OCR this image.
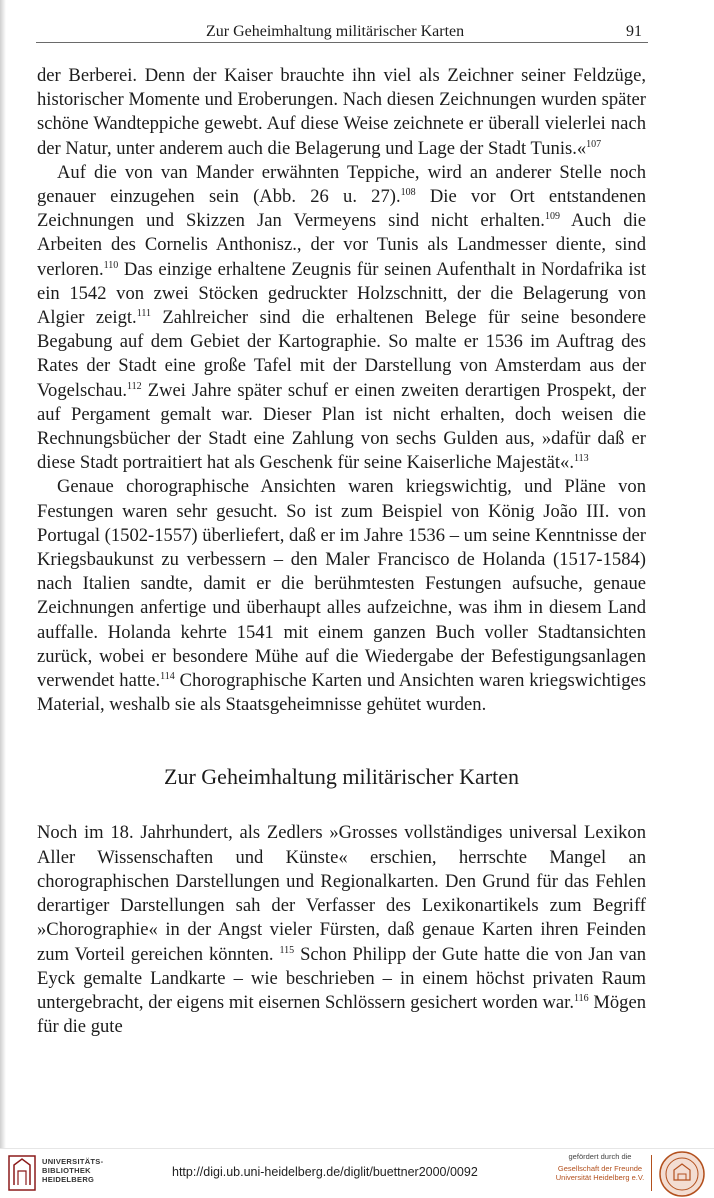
Zur Geheimhaltung militärischer Karten	91

der Berberei. Denn der Kaiser brauchte ihn viel als Zeichner seiner Feldzüge, historischer Momente und Eroberungen. Nach diesen Zeichnungen wurden später schöne Wandteppiche gewebt. Auf diese Weise zeichnete er überall vielerlei nach der Natur, unter anderem auch die Belagerung und Lage der Stadt Tunis.«$^{107}$

Auf die von van Mander erwähnten Teppiche, wird an anderer Stelle noch genauer einzugehen sein (Abb. 26 u. 27).$^{108}$ Die vor Ort entstandenen Zeichnungen und Skizzen Jan Vermeyens sind nicht erhalten.$^{109}$ Auch die Arbeiten des Cornelis Anthonisz., der vor Tunis als Landmesser diente, sind verloren.$^{110}$ Das einzige erhaltene Zeugnis für seinen Aufenthalt in Nordafrika ist ein 1542 von zwei Stöcken gedruckter Holzschnitt, der die Belagerung von Algier zeigt.$^{111}$ Zahlreicher sind die erhaltenen Belege für seine besondere Begabung auf dem Gebiet der Kartographie. So malte er 1536 im Auftrag des Rates der Stadt eine große Tafel mit der Darstellung von Amsterdam aus der Vogelschau.$^{112}$ Zwei Jahre später schuf er einen zweiten derartigen Prospekt, der auf Pergament gemalt war. Dieser Plan ist nicht erhalten, doch weisen die Rechnungsbücher der Stadt eine Zahlung von sechs Gulden aus, »dafür daß er diese Stadt portraitiert hat als Geschenk für seine Kaiserliche Majestät«.$^{113}$

Genaue chorographische Ansichten waren kriegswichtig, und Pläne von Festungen waren sehr gesucht. So ist zum Beispiel von König João III. von Portugal (1502-1557) überliefert, daß er im Jahre 1536 – um seine Kenntnisse der Kriegsbaukunst zu verbessern – den Maler Francisco de Holanda (1517-1584) nach Italien sandte, damit er die berühmtesten Festungen aufsuche, genaue Zeichnungen anfertige und überhaupt alles aufzeichne, was ihm in diesem Land auffalle. Holanda kehrte 1541 mit einem ganzen Buch voller Stadtansichten zurück, wobei er besondere Mühe auf die Wiedergabe der Befestigungsanlagen verwendet hatte.$^{114}$ Chorographische Karten und Ansichten waren kriegswichtiges Material, weshalb sie als Staatsgeheimnisse gehütet wurden.

Zur Geheimhaltung militärischer Karten

Noch im 18. Jahrhundert, als Zedlers »Grosses vollständiges universal Lexikon Aller Wissenschaften und Künste« erschien, herrschte Mangel an chorographischen Darstellungen und Regionalkarten. Den Grund für das Fehlen derartiger Darstellungen sah der Verfasser des Lexikonartikels zum Begriff »Chorographie« in der Angst vieler Fürsten, daß genaue Karten ihren Feinden zum Vorteil gereichen könnten. $^{115}$ Schon Philipp der Gute hatte die von Jan van Eyck gemalte Landkarte – wie beschrieben – in einem höchst privaten Raum untergebracht, der eigens mit eisernen Schlössern gesichert worden war.$^{116}$ Mögen für die gute

UNIVERSITÄTS-
BIBLIOTHEK
HEIDELBERG
http://digi.ub.uni-heidelberg.de/diglit/buettner2000/0092
gefördert durch die
Gesellschaft der Freunde
Universität Heidelberg e.V.
